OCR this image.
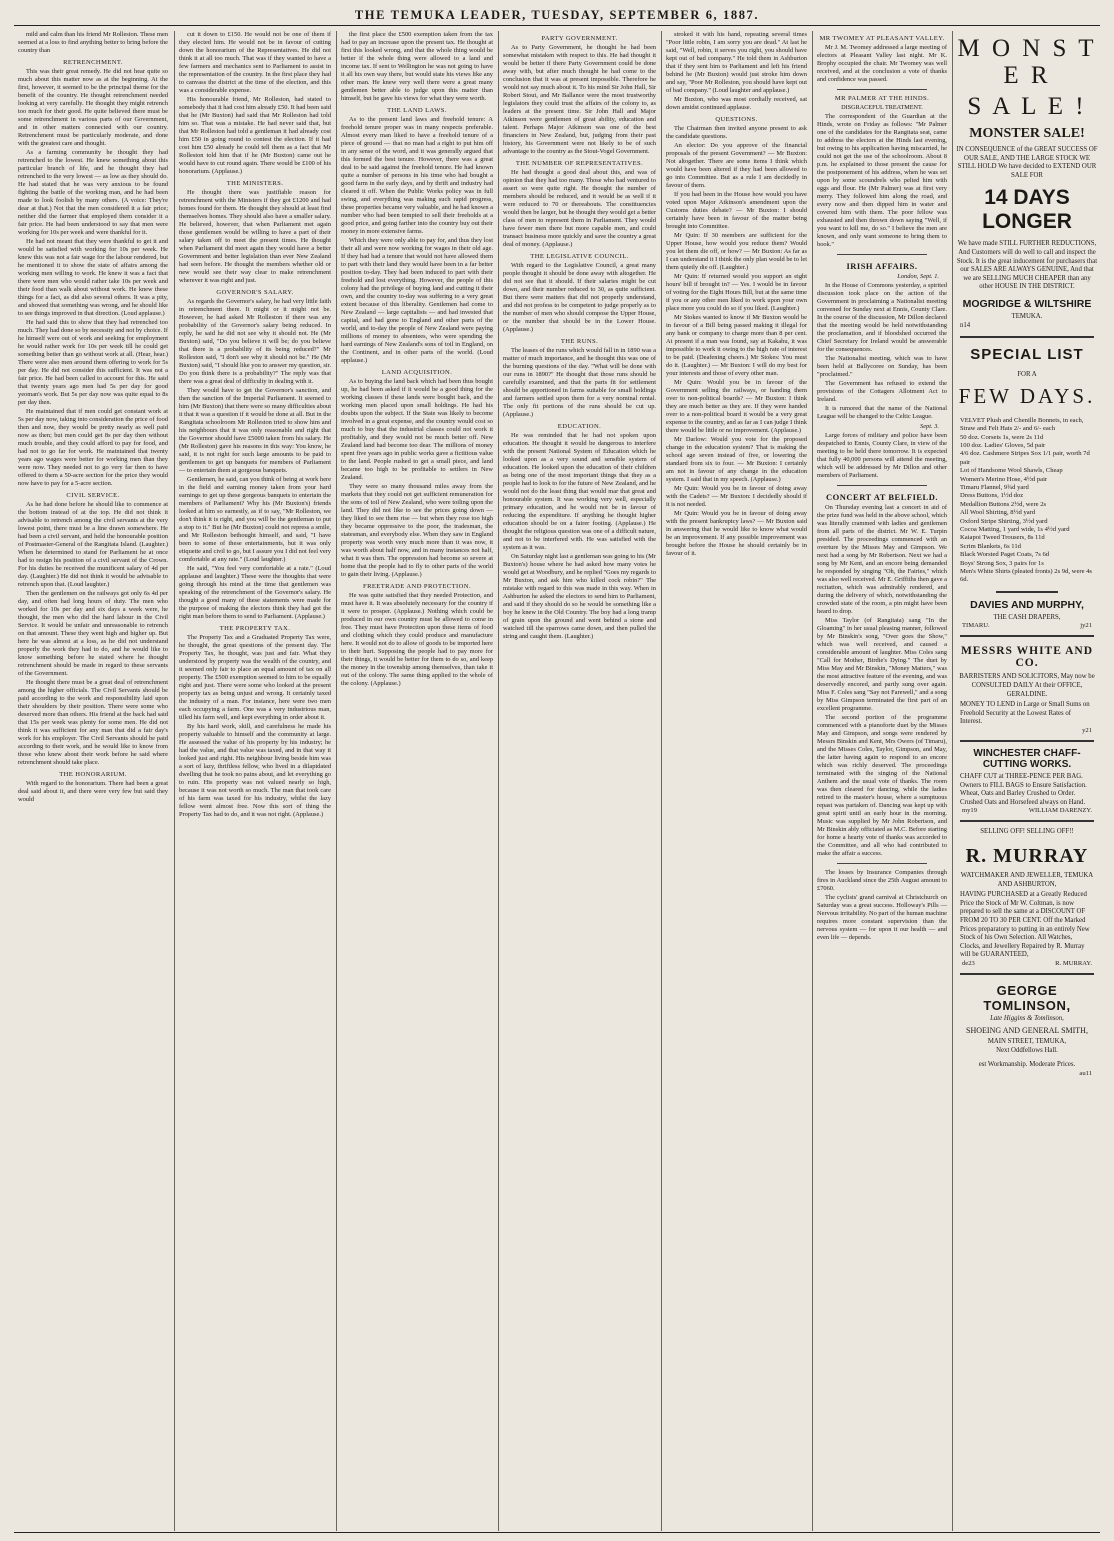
THE TEMUKA LEADER, TUESDAY, SEPTEMBER 6, 1887.

mild and calm than his friend Mr Rolleston. These men seemed at a loss to find anything better to bring before the country than

RETRENCHMENT.

This was their great remedy. He did not hear quite so much about this matter now as at the beginning. At the first, however, it seemed to be the principal theme for the benefit of the country. He thought retrenchment needed looking at very carefully. He thought they might retrench too much for their good. He quite believed there must be some retrenchment in various parts of our Government, and in other matters connected with our country. Retrenchment must be particularly moderate, and done with the greatest care and thought.

As a farming community he thought they had retrenched to the lowest. He knew something about this particular branch of life, and he thought they had retrenched to the very lowest — as low as they should do. He had stated that he was very anxious to be found fighting the battle of the working man, and he had been made to look foolish by many others. (A voice: They're dear at that.) Not that the men considered it a fair price; neither did the farmer that employed them consider it a fair price. He had been understood to say that men were working for 10s per week and were thankful for it.

He had not meant that they were thankful to get it and would be satisfied with working for 10s per week. He knew this was not a fair wage for the labour rendered, but he mentioned it to show the state of affairs among the working men willing to work. He knew it was a fact that there were men who would rather take 10s per week and their food than walk about without work. He knew these things for a fact, as did also several others. It was a pity, and showed that something was wrong, and he should like to see things improved in that direction. (Loud applause.)

He had said this to show that they had retrenched too much. They had done so by necessity and not by choice. If he himself were out of work and seeking for employment he would rather work for 10s per week till he could get something better than go without work at all. (Hear, hear.) There were also men around them offering to work for 5s per day. He did not consider this sufficient. It was not a fair price. He had been called to account for this. He said that twenty years ago men had 5s per day for good yeoman's work. But 5s per day now was quite equal to 8s per day then.

He maintained that if men could get constant work at 5s per day now, taking into consideration the price of food then and now, they would be pretty nearly as well paid now as then; but men could get 8s per day then without much trouble, and they could afford to pay for food, and had not to go far for work. He maintained that twenty years ago wages were better for working men than they were now. They needed not to go very far then to have offered to them a 50-acre section for the price they would now have to pay for a 5-acre section.

CIVIL SERVICE.

As he had done before he should like to commence at the bottom instead of at the top. He did not think it advisable to retrench among the civil servants at the very lowest point, there must be a line drawn somewhere. He had been a civil servant, and held the honourable position of Postmaster-General of the Rangitata Island. (Laughter.) When he determined to stand for Parliament he at once had to resign his position of a civil servant of the Crown. For his duties he received the munificent salary of 4d per day. (Laughter.) He did not think it would be advisable to retrench upon that. (Loud laughter.)

Then the gentlemen on the railways got only 6s 4d per day, and often had long hours of duty. The men who worked for 10s per day and six days a week were, he thought, the men who did the hard labour in the Civil Service. It would be unfair and unreasonable to retrench on that amount. These they went high and higher up. But here he was almost at a loss, as he did not understand properly the work they had to do, and he would like to know something before he stated where he thought retrenchment should be made in regard to these servants of the Government.

He thought there must be a great deal of retrenchment among the higher officials. The Civil Servants should be paid according to the work and responsibility laid upon their shoulders by their position. There were some who deserved more than others. His friend at the back had said that 15s per week was plenty for some men. He did not think it was sufficient for any man that did a fair day's work for his employer. The Civil Servants should be paid according to their work, and he would like to know from those who knew about their work before he said where retrenchment should take place.

THE HONORARIUM.

With regard to the honorarium. There had been a great deal said about it, and there were very few but said they would

cut it down to £150. He would not be one of them if they elected him. He would not be in favour of cutting down the honorarium of the Representatives. He did not think it at all too much. That was if they wanted to have a few farmers and mechanics sent to Parliament to assist in the representation of the country. In the first place they had to canvass the district at the time of the election, and this was a considerable expense.

His honourable friend, Mr Rolleston, had stated to somebody that it had cost him already £50. It had been said that he (Mr Buxton) had said that Mr Rolleston had told him so. That was a mistake. He had never said that, but that Mr Rolleston had told a gentleman it had already cost him £50 in going round to contest the election. If it had cost him £50 already he could tell them as a fact that Mr Rolleston told him that if he (Mr Buxton) came out he would have to cut round again. There would be £100 of his honorarium. (Applause.)

THE MINISTERS.

He thought there was justifiable reason for retrenchment with the Ministers if they got £1200 and had homes found for them. He thought they should at least find themselves homes. They should also have a smaller salary. He believed, however, that when Parliament met again those gentlemen would be willing to have a part of their salary taken off to meet the present times. He thought when Parliament did meet again they would have a better Government and better legislation than ever New Zealand had seen before. He thought the members whether old or new would see their way clear to make retrenchment wherever it was right and just.

GOVERNOR'S SALARY.

As regards the Governor's salary, he had very little faith in retrenchment there. It might or it might not be. However, he had asked Mr Rolleston if there was any probability of the Governor's salary being reduced. In reply, he said he did not see why it should not. He (Mr Buxton) said, "Do you believe it will be; do you believe that there is a probability of its being reduced?" Mr Rolleston said, "I don't see why it should not be." He (Mr Buxton) said, "I should like you to answer my question, sir. Do you think there is a probability?" The reply was that there was a great deal of difficulty in dealing with it.

They would have to get the Governor's sanction, and then the sanction of the Imperial Parliament. It seemed to him (Mr Buxton) that there were so many difficulties about it that it was a question if it would be done at all. But in the Rangitata schoolroom Mr Rolleston tried to show him and his neighbours that it was only reasonable and right that the Governor should have £5000 taken from his salary. He (Mr Rolleston) gave his reasons in this way: You know, he said, it is not right for such large amounts to be paid to gentlemen to get up banquets for members of Parliament — to entertain them at gorgeous banquets.

Gentlemen, he said, can you think of being at work here in the field and earning money taken from your hard earnings to get up these gorgeous banquets to entertain the members of Parliament? Why his (Mr Buxton's) friends looked at him so earnestly, as if to say, "Mr Rolleston, we don't think it is right, and you will be the gentleman to put a stop to it." But he (Mr Buxton) could not repress a smile, and Mr Rolleston bethought himself, and said, "I have been to some of these entertainments, but it was only etiquette and civil to go, but I assure you I did not feel very comfortable at any rate." (Loud laughter.)

He said, "You feel very comfortable at a rate." (Loud applause and laughter.) These were the thoughts that were going through his mind at the time that gentlemen was speaking of the retrenchment of the Governor's salary. He thought a good many of these statements were made for the purpose of making the electors think they had got the right man before them to send to Parliament. (Applause.)

THE PROPERTY TAX.

The Property Tax and a Graduated Property Tax were, he thought, the great questions of the present day. The Property Tax, he thought, was just and fair. What they understood by property was the wealth of the country, and it seemed only fair to place an equal amount of tax on all property. The £500 exemption seemed to him to be equally right and just. There were some who looked at the present property tax as being unjust and wrong. It certainly taxed the industry of a man. For instance, here were two men each occupying a farm. One was a very industrious man, tilled his farm well, and kept everything in order about it.

By his hard work, skill, and carefulness he made his property valuable to himself and the community at large. He assessed the value of his property by his industry; he had the value, and that value was taxed, and in that way it looked just and right. His neighbour living beside him was a sort of lazy, thriftless fellow, who lived in a dilapidated dwelling that he took no pains about, and let everything go to ruin. His property was not valued nearly so high, because it was not worth so much. The man that took care of his farm was taxed for his industry, whilst the lazy fellow went almost free. Now this sort of thing the Property Tax had to do, and it was not right. (Applause.)

the first place the £500 exemption taken from the tax had to pay an increase upon the present tax. He thought at first this looked wrong, and that the whole thing would be better if the whole thing were allowed to a land and income tax. If sent to Wellington he was not going to have it all his own way there, but would state his views like any other man. He knew very well there were a great many gentlemen better able to judge upon this matter than himself, but he gave his views for what they were worth.

THE LAND LAWS.

As to the present land laws and freehold tenure: A freehold tenure proper was in many respects preferable. Almost every man liked to have a freehold tenure of a piece of ground — that no man had a right to put him off in any sense of the word, and it was generally argued that this formed the best tenure. However, there was a great deal to be said against the freehold tenure. He had known quite a number of persons in his time who had bought a good farm in the early days, and by thrift and industry had cleared it off. When the Public Works policy was in full swing, and everything was making such rapid progress, these properties became very valuable, and he had known a number who had been tempted to sell their freeholds at a good price, and going farther into the country buy out their money in more extensive farms.

Which they were only able to pay for, and thus they lost their all and were now working for wages in their old age. If they had had a tenure that would not have allowed them to part with their land they would have been in a far better position to-day. They had been induced to part with their freehold and lost everything. However, the people of this colony had the privilege of buying land and cutting it their own, and the country to-day was suffering to a very great extent because of this liberality. Gentlemen had come to New Zealand — large capitalists — and had invested that capital, and had gone to England and other parts of the world, and to-day the people of New Zealand were paying millions of money to absentees, who were spending the hard earnings of New Zealand's sons of toil in England, on the Continent, and in other parts of the world. (Loud applause.)

LAND ACQUISITION.

As to buying the land back which had been thus bought up, he had been asked if it would be a good thing for the working classes if these lands were bought back, and the working men placed upon small holdings. He had his doubts upon the subject. If the State was likely to become involved in a great expense, and the country would cost so much to buy that the industrial classes could not work it profitably, and they would not be much better off. New Zealand land had become too dear. The millions of money spent five years ago in public works gave a fictitious value to the land. People rushed to get a small piece, and land became too high to be profitable to settlers in New Zealand.

They were so many thousand miles away from the markets that they could not get sufficient remuneration for the sons of toil of New Zealand, who were toiling upon the land. They did not like to see the prices going down — they liked to see them rise — but when they rose too high they became oppressive to the poor, the tradesman, the statesman, and everybody else. When they saw in England property was worth very much more than it was now, it was worth about half now, and in many instances not half, what it was then. The oppression had become so severe at home that the people had to fly to other parts of the world to gain their living. (Applause.)

FREETRADE AND PROTECTION.

He was quite satisfied that they needed Protection, and must have it. It was absolutely necessary for the country if it were to prosper. (Applause.) Nothing which could be produced in our own country must be allowed to come in free. They must have Protection upon these items of food and clothing which they could produce and manufacture here. It would not do to allow of goods to be imported here to their hurt. Supposing the people had to pay more for their things, it would be better for them to do so, and keep the money in the township among themselves, than take it out of the colony. The same thing applied to the whole of the colony. (Applause.)

PARTY GOVERNMENT.

As to Party Government, he thought he had been somewhat mistaken with respect to this. He had thought it would be better if there Party Government could be done away with, but after much thought he had come to the conclusion that it was at present impossible. Therefore he would not say much about it. To his mind Sir John Hall, Sir Robert Stout, and Mr Ballance were the most trustworthy legislators they could trust the affairs of the colony to, as leaders at the present time. Sir John Hall and Major Atkinson were gentlemen of great ability, education and talent. Perhaps Major Atkinson was one of the best financiers in New Zealand, but, judging from their past history, his Government were not likely to be of such advantage to the country as the Stout-Vogel Government.

THE NUMBER OF REPRESENTATIVES.

He had thought a good deal about this, and was of opinion that they had too many. Those who had ventured to assert so were quite right. He thought the number of members should be reduced, and it would be as well if it were reduced to 70 or thereabouts. The constituencies would then be larger, but he thought they would get a better class of men to represent them in Parliament. They would have fewer men there but more capable men, and could transact business more quickly and save the country a great deal of money. (Applause.)

THE LEGISLATIVE COUNCIL.

With regard to the Legislative Council, a great many people thought it should be done away with altogether. He did not see that it should. If their salaries might be cut down, and their number reduced to 30, as quite sufficient. But there were matters that did not properly understand, and did not profess to be competent to judge properly as to the number of men who should compose the Upper House, or the number that should be in the Lower House. (Applause.)

THE RUNS.

The leases of the runs which would fall in in 1890 was a matter of much importance, and he thought this was one of the burning questions of the day. "What will be done with our runs in 1890?" He thought that those runs should be carefully examined, and that the parts fit for settlement should be apportioned in farms suitable for small holdings and farmers settled upon them for a very nominal rental. The only fit portions of the runs should be cut up. (Applause.)

EDUCATION.

He was reminded that he had not spoken upon education. He thought it would be dangerous to interfere with the present National System of Education which he looked upon as a very sound and sensible system of education. He looked upon the education of their children as being one of the most important things that they as a people had to look to for the future of New Zealand, and he would not do the least thing that would mar that great and honourable system. It was working very well, especially primary education, and he would not be in favour of reducing the expenditure. If anything he thought higher education should be on a fairer footing. (Applause.) He thought the religious question was one of a difficult nature, and not to be interfered with. He was satisfied with the system as it was.

On Saturday night last a gentleman was going to his (Mr Buxton's) house where he had asked how many votes he would get at Woodbury, and he replied "Goes my regards to Mr Buxton, and ask him who killed cock robin?" The mistake with regard to this was made in this way. When in Ashburton he asked the electors to send him to Parliament, and said if they should do so he would be something like a boy he knew in the Old Country. The boy had a long tramp of grain upon the ground and went behind a stone and watched till the sparrows came down, and then pulled the string and caught them. (Laughter.)

stroked it with his hand, repeating several times "Poor little robin, I am sorry you are dead." At last he said, "Well, robin, it serves you right, you should have kept out of bad company." He told them in Ashburton that if they sent him to Parliament and left his friend behind he (Mr Buxton) would just stroke him down and say, "Poor Mr Rolleston, you should have kept out of bad company." (Loud laughter and applause.)

Mr Buxton, who was most cordially received, sat down amidst continued applause.

QUESTIONS.

The Chairman then invited anyone present to ask the candidate questions.

An elector: Do you approve of the financial proposals of the present Government? — Mr Buxton: Not altogether. There are some items I think which would have been altered if they had been allowed to go into Committee. But as a rule I am decidedly in favour of them.

If you had been in the House how would you have voted upon Major Atkinson's amendment upon the Customs duties debate? — Mr Buxton: I should certainly have been in favour of the matter being brought into Committee.

Mr Quin: If 30 members are sufficient for the Upper House, how would you reduce them? Would you let them die off, or how? — Mr Buxton: As far as I can understand it I think the only plan would be to let them quietly die off. (Laughter.)

Mr Quin: If returned would you support an eight hours' bill if brought in? — Yes. I would be in favour of voting for the Eight Hours Bill, but at the same time if you or any other men liked to work upon your own place more you could do so if you liked. (Laughter.)

Mr Stokes wanted to know if Mr Buxton would be in favour of a Bill being passed making it illegal for any bank or company to charge more than 8 per cent. At present if a man was found, say at Kakahu, it was impossible to work it owing to the high rate of interest to be paid. (Deafening cheers.) Mr Stokes: You must do it. (Laughter.) — Mr Buxton: I will do my best for your interests and those of every other man.

Mr Quin: Would you be in favour of the Government selling the railways, or handing them over to non-political boards? — Mr Buxton: I think they are much better as they are. If they were handed over to a non-political board it would be a very great expense to the country, and as far as I can judge I think there would be little or no improvement. (Applause.)

Mr Darlow: Would you vote for the proposed change in the education system? That is making the school age seven instead of five, or lowering the standard from six to four. — Mr Buxton: I certainly am not in favour of any change in the education system. I said that in my speech. (Applause.)

Mr Quin: Would you be in favour of doing away with the Cadets? — Mr Buxton: I decidedly should if it is not needed.

Mr Quin: Would you be in favour of doing away with the present bankruptcy laws? — Mr Buxton said in answering that he would like to know what would be an improvement. If any possible improvement was brought before the House he should certainly be in favour of it.

MR TWOMEY AT PLEASANT VALLEY.

Mr J. M. Twomey addressed a large meeting of electors at Pleasant Valley last night. Mr K. Brophy occupied the chair. Mr Twomey was well received, and at the conclusion a vote of thanks and confidence was passed.

MR PALMER AT THE HINDS.
DISGRACEFUL TREATMENT.

The correspondent of the Guardian at the Hinds, wrote on Friday as follows: "Mr Palmer one of the candidates for the Rangitata seat, came to address the electors at the Hinds last evening, but owing to his application having miscarried, he could not get the use of the schoolroom. About 8 p.m. he explained to those present the cause for the postponement of his address, when he was set upon by some scoundrels who pelted him with eggs and flour. He (Mr Palmer) was at first very merry. They followed him along the road, and every now and then dipped him in water and covered him with them. The poor fellow was exhausted and then thrown down saying "Well, if you want to kill me, do so." I believe the men are known, and only want someone to bring them to book."

IRISH AFFAIRS.
London, Sept. 1.

In the House of Commons yesterday, a spirited discussion took place on the action of the Government in proclaiming a Nationalist meeting convened for Sunday next at Ennis, County Clare. In the course of the discussion, Mr Dillon declared that the meeting would be held notwithstanding the proclamation, and if bloodshed occurred the Chief Secretary for Ireland would be answerable for the consequences.

The Nationalist meeting, which was to have been held at Ballycoree on Sunday, has been "proclaimed."

The Government has refused to extend the provisions of the Cottagers Allotment Act to Ireland.

It is rumored that the name of the National League will be changed to the Celtic League.

Sept. 3.

Large forces of military and police have been despatched to Ennis, County Clare, in view of the meeting to be held there tomorrow. It is expected that fully 40,000 persons will attend the meeting, which will be addressed by Mr Dillon and other members of Parliament.

CONCERT AT BELFIELD.

On Thursday evening last a concert in aid of the prize fund was held in the above school, which was literally crammed with ladies and gentlemen from all parts of the district. Mr W. E. Turpin presided. The proceedings commenced with an overture by the Misses May and Gimpson. We next had a song by Mr Robertson. Next we had a song by Mr Kent, and an encore being demanded he responded by singing "Oh, the Fairies," which was also well received. Mr E. Griffiths then gave a recitation, which was admirably rendered, and during the delivery of which, notwithstanding the crowded state of the room, a pin might have been heard to drop.

Miss Taylor (of Rangitata) sang "In the Gloaming" in her usual pleasing manner, followed by Mr Binskin's song, "Over goes the Show," which was well received, and caused a considerable amount of laughter. Miss Coles sang "Call for Mother, Birdie's Dying." The duet by Miss May and Mr Binskin, "Money Matters," was the most attractive feature of the evening, and was deservedly encored, and partly sung over again. Miss F. Coles sang "Say not Farewell," and a song by Miss Gimpson terminated the first part of an excellent programme.

The second portion of the programme commenced with a pianoforte duet by the Misses May and Gimpson, and songs were rendered by Messrs Binskin and Kent, Mrs Owers (of Timaru), and the Misses Coles, Taylor, Gimpson, and May, the latter having again to respond to an encore which was richly deserved. The proceedings terminated with the singing of the National Anthem and the usual vote of thanks. The room was then cleared for dancing, while the ladies retired to the master's house, where a sumptuous repast was partaken of. Dancing was kept up with great spirit until an early hour in the morning. Music was supplied by Mr John Robertson, and Mr Binskin ably officiated as M.C. Before starting for home a hearty vote of thanks was accorded to the Committee, and all who had contributed to make the affair a success.

The losses by Insurance Companies through fires in Auckland since the 25th August amount to £7060.

The cyclists' grand carnival at Christchurch on Saturday was a great success. Holloway's Pills — Nervous irritability. No part of the human machine requires more constant supervision than the nervous system — for upon it our health — and even life — depends.

M O N S T E R
S A L E !
MONSTER SALE!
IN CONSEQUENCE of the GREAT SUCCESS OF OUR SALE, AND THE LARGE STOCK WE STILL HOLD We have decided to EXTEND OUR SALE FOR
14 DAYS LONGER
We have made STILL FURTHER REDUCTIONS, And Customers will do well to call and inspect the Stock. It is the great inducement for purchasers that our SALES ARE ALWAYS GENUINE, And that we are SELLING MUCH CHEAPER than any other HOUSE IN THE DISTRICT.
MOGRIDGE & WILTSHIRE
TEMUKA.
n14
SPECIAL LIST
FOR A
FEW DAYS.
VELVET Plush and Chenille Bonnets, in each,
Straw and Felt Hats 2/- and 6/- each
50 doz. Corsets 1s, were 2s 11d
100 doz. Ladies' Gloves, 5d pair
4/6 doz. Cashmere Stripes Sox 1/1 pair, worth 7d pair
Lot of Handsome Wool Shawls, Cheap
Women's Merino Hose, 4½d pair
Timaru Flannel, 9¾d yard
Dress Buttons, 1½d doz
Medallion Buttons 2½d, were 2s
All Wool Shirting, 8½d yard
Oxford Stripe Shirting, 3½d yard
Cocoa Matting, 1 yard wide, 1s 4½d yard
Kaiapoi Tweed Trousers, 8s 11d
Scrim Blankets, 6s 11d
Black Worsted Paget Coats, 7s 6d
Boys' Strong Sox, 3 pairs for 1s
Men's White Shirts (pleated fronts) 2s 9d, were 4s 6d.
DAVIES AND MURPHY,
THE CASH DRAPERS,
TIMARU.	jy21
MESSRS WHITE AND CO.
BARRISTERS AND SOLICITORS, May now be CONSULTED DAILY At their OFFICE, GERALDINE.
MONEY TO LEND in Large or Small Sums on Freehold Security at the Lowest Rates of Interest.
y21
WINCHESTER CHAFF-CUTTING WORKS.
CHAFF CUT at THREE-PENCE PER BAG. Owners to FILL BAGS to Ensure Satisfaction. Wheat, Oats and Barley Crushed to Order. Crushed Oats and Horsefeed always on Hand.
my19	WILLIAM DARENZY.
SELLING OFF! SELLING OFF!!
R. MURRAY
WATCHMAKER AND JEWELLER, TEMUKA AND ASHBURTON,
HAVING PURCHASED at a Greatly Reduced Price the Stock of Mr W. Coltman, is now prepared to sell the same at a DISCOUNT OF FROM 20 TO 30 PER CENT. Off the Marked Prices preparatory to putting in an entirely New Stock of his Own Selection. All Watches, Clocks, and Jewellery Repaired by R. Murray will be GUARANTEED,
de23	R. MURRAY.
GEORGE TOMLINSON,
Late Higgins & Tomlinson,
SHOEING AND GENERAL SMITH,
MAIN STREET, TEMUKA,
Next Oddfellows Hall.
est Workmanship. Moderate Prices.
au11
